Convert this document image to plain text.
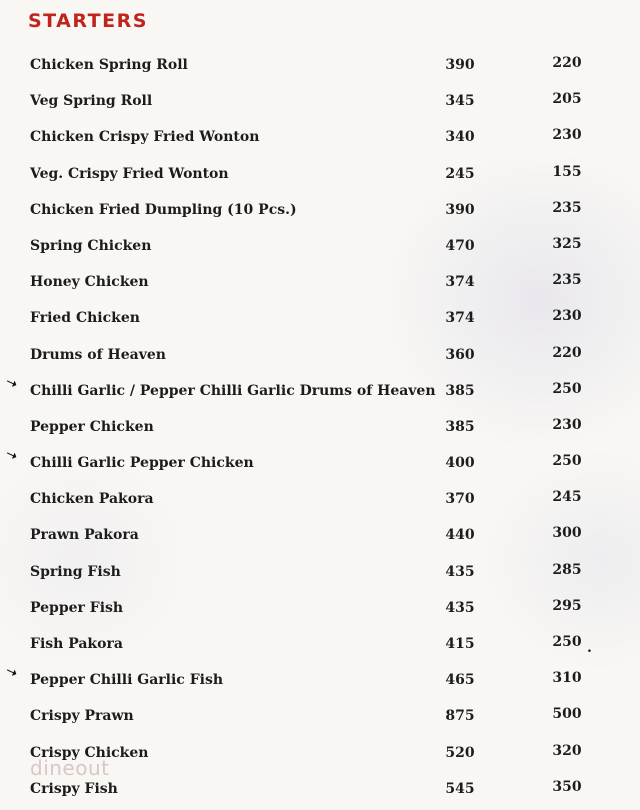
STARTERS
Chicken Spring Roll	390	220
Veg Spring Roll	345	205
Chicken Crispy Fried Wonton	340	230
Veg. Crispy Fried Wonton	245	155
Chicken Fried Dumpling (10 Pcs.)	390	235
Spring Chicken	470	325
Honey Chicken	374	235
Fried Chicken	374	230
Drums of Heaven	360	220
➝ Chilli Garlic / Pepper Chilli Garlic Drums of Heaven 385	250
Pepper Chicken	385	230
➝ Chilli Garlic Pepper Chicken	400	250
Chicken Pakora	370	245
Prawn Pakora	440	300
Spring Fish	435	285
Pepper Fish	435	295
Fish Pakora	415	250
➝ Pepper Chilli Garlic Fish	465	310
Crispy Prawn	875	500
Crispy Chicken	520	320
Crispy Fish	545	350
.
dineout
